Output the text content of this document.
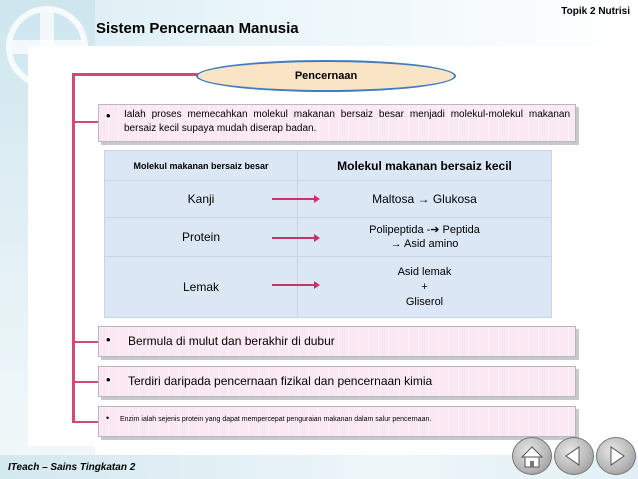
Topik 2 Nutrisi
Sistem Pencernaan Manusia
Pencernaan
• Ialah proses memecahkan molekul makanan bersaiz besar menjadi molekul-molekul makanan bersaiz kecil supaya mudah diserap badan.
Molekul makanan bersaiz besar	Molekul makanan bersaiz kecil
Kanji	Maltosa → Glukosa

Protein	Polipeptida -➔ Peptida
→ Asid amino

Lemak	Asid lemak
+
Gliserol
• Bermula di mulut dan berakhir di dubur
• Terdiri daripada pencernaan fizikal dan pencernaan kimia
• Enzim ialah sejenis protein yang dapat mempercepat penguraian makanan dalam salur pencernaan.
ITeach – Sains Tingkatan 2
